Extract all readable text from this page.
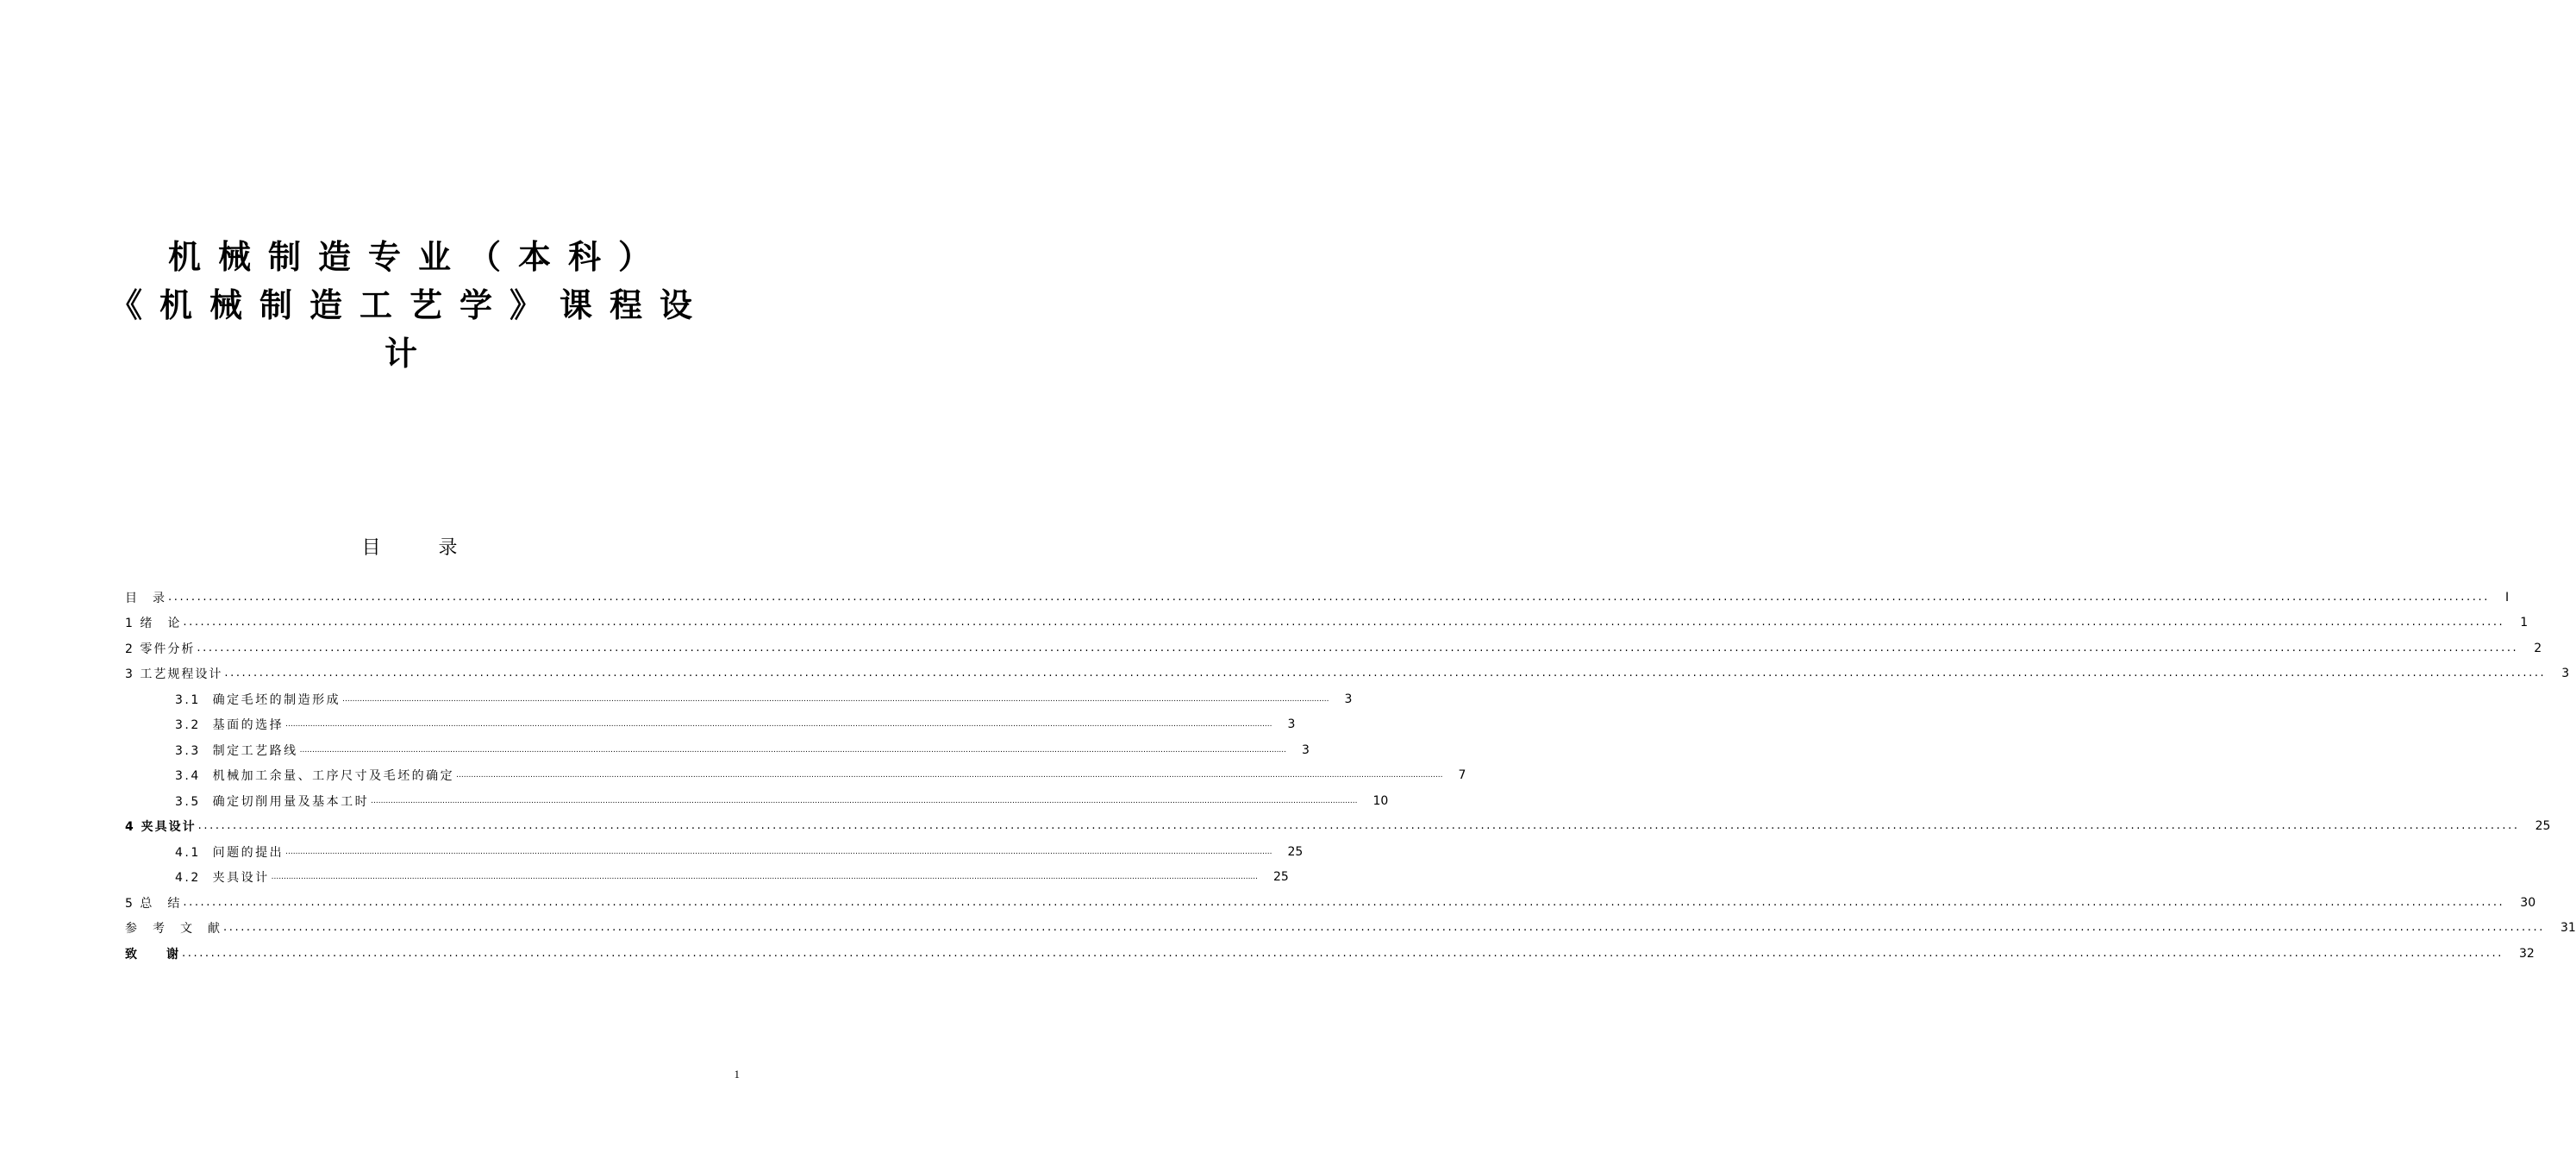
机械制造专业（本科）
《机械制造工艺学》课程设
计
目 录
目　录 ................................................................................................................................................................................................................................................................................................................................................................................................................ I
1 绪　论 ................................................................................................................................................................................................................................................................................................................................................................................................................ 1
2 零件分析 ................................................................................................................................................................................................................................................................................................................................................................................................................ 2
3 工艺规程设计 ................................................................................................................................................................................................................................................................................................................................................................................................................ 3
3.1  确定毛坯的制造形成 ................................................................................................................................................................................................................................................................................................................................................................................................................ 3
3.2  基面的选择 ................................................................................................................................................................................................................................................................................................................................................................................................................ 3
3.3  制定工艺路线 ................................................................................................................................................................................................................................................................................................................................................................................................................ 3
3.4  机械加工余量、工序尺寸及毛坯的确定 ................................................................................................................................................................................................................................................................................................................................................................................................................ 7
3.5  确定切削用量及基本工时 ................................................................................................................................................................................................................................................................................................................................................................................................................ 10
4 夹具设计 ................................................................................................................................................................................................................................................................................................................................................................................................................ 25
4.1  问题的提出 ................................................................................................................................................................................................................................................................................................................................................................................................................ 25
4.2  夹具设计 ................................................................................................................................................................................................................................................................................................................................................................................................................ 25
5 总　结 ................................................................................................................................................................................................................................................................................................................................................................................................................ 30
参　考　文　献 ................................................................................................................................................................................................................................................................................................................................................................................................................ 31
致　　谢 ................................................................................................................................................................................................................................................................................................................................................................................................................ 32
1
